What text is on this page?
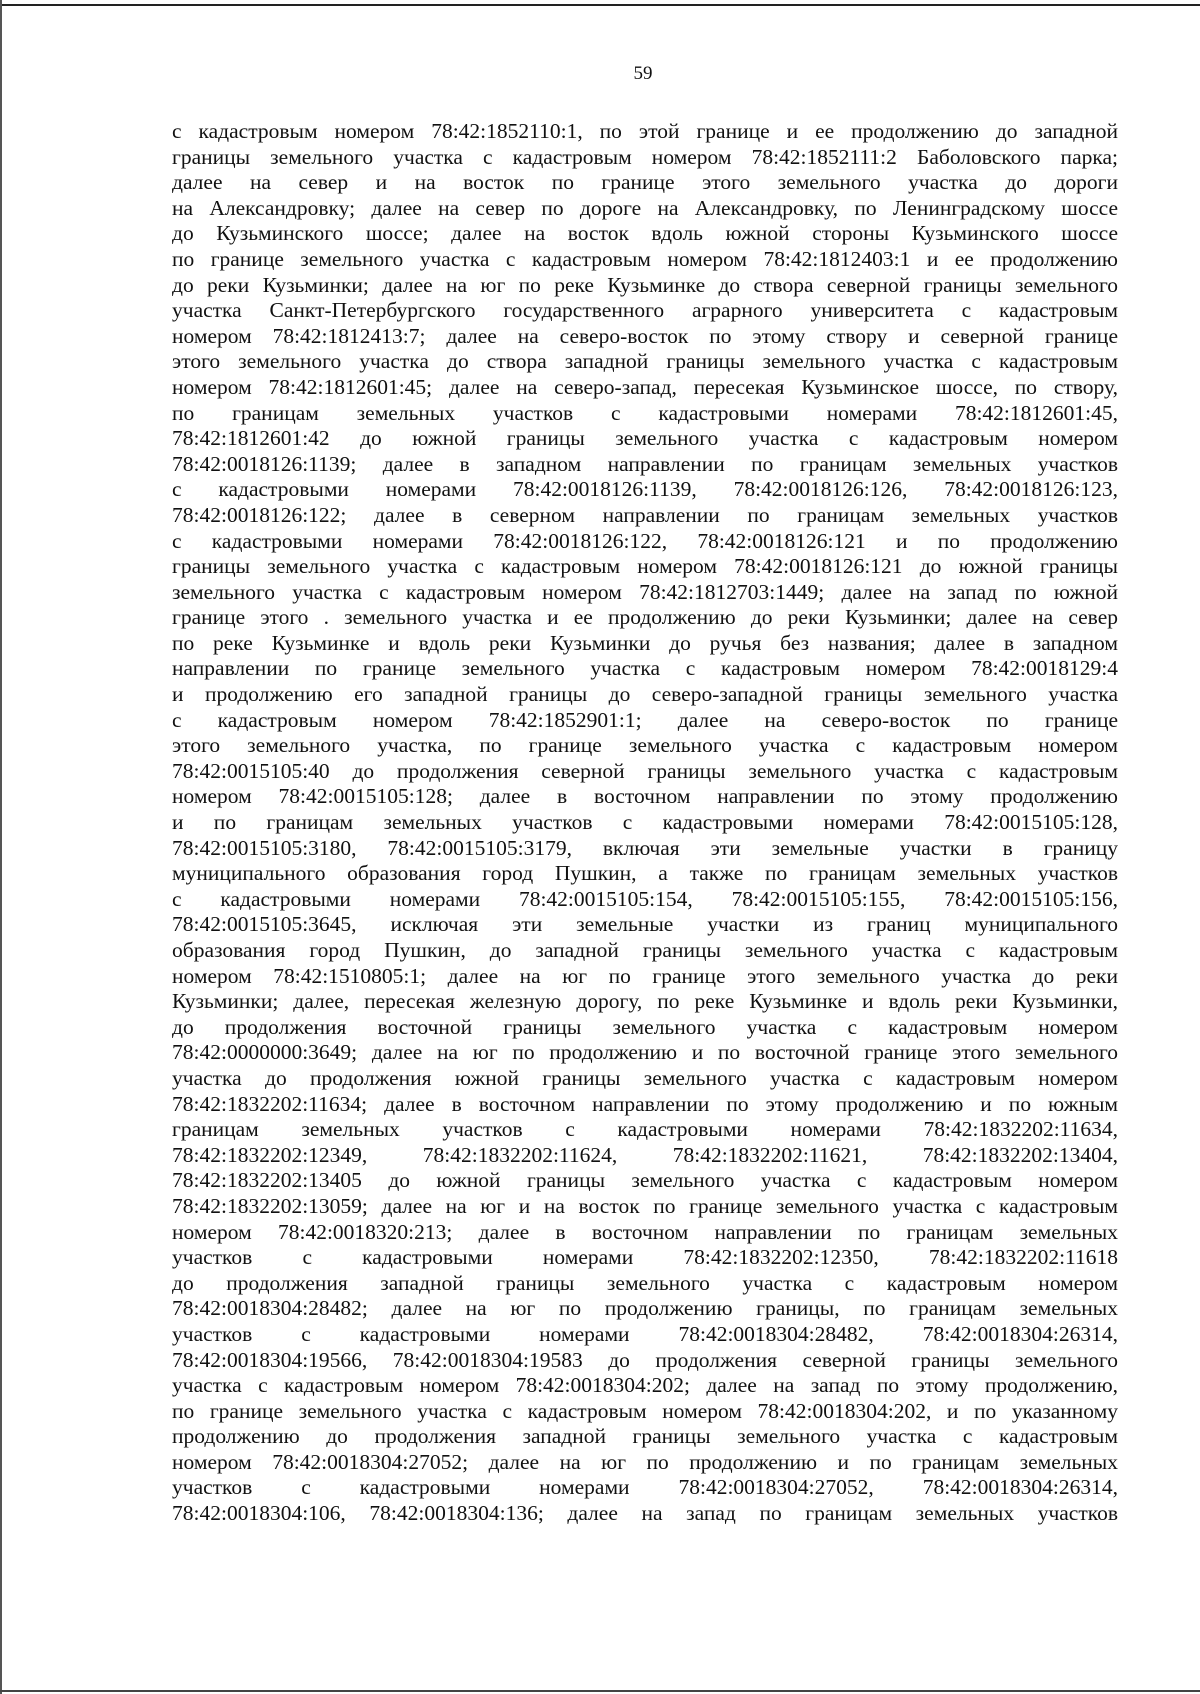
59
с кадастровым номером 78:42:1852110:1, по этой границе и ее продолжению до западной
границы земельного участка с кадастровым номером 78:42:1852111:2 Баболовского парка;
далее на север и на восток по границе этого земельного участка до дороги
на Александровку; далее на север по дороге на Александровку, по Ленинградскому шоссе
до Кузьминского шоссе; далее на восток вдоль южной стороны Кузьминского шоссе
по границе земельного участка с кадастровым номером 78:42:1812403:1 и ее продолжению
до реки Кузьминки; далее на юг по реке Кузьминке до створа северной границы земельного
участка Санкт-Петербургского государственного аграрного университета с кадастровым
номером 78:42:1812413:7; далее на северо-восток по этому створу и северной границе
этого земельного участка до створа западной границы земельного участка с кадастровым
номером 78:42:1812601:45; далее на северо-запад, пересекая Кузьминское шоссе, по створу,
по границам земельных участков с кадастровыми номерами 78:42:1812601:45,
78:42:1812601:42 до южной границы земельного участка с кадастровым номером
78:42:0018126:1139; далее в западном направлении по границам земельных участков
с кадастровыми номерами 78:42:0018126:1139, 78:42:0018126:126, 78:42:0018126:123,
78:42:0018126:122; далее в северном направлении по границам земельных участков
с кадастровыми номерами 78:42:0018126:122, 78:42:0018126:121 и по продолжению
границы земельного участка с кадастровым номером 78:42:0018126:121 до южной границы
земельного участка с кадастровым номером 78:42:1812703:1449; далее на запад по южной
границе этого . земельного участка и ее продолжению до реки Кузьминки; далее на север
по реке Кузьминке и вдоль реки Кузьминки до ручья без названия; далее в западном
направлении по границе земельного участка с кадастровым номером 78:42:0018129:4
и продолжению его западной границы до северо-западной границы земельного участка
с кадастровым номером 78:42:1852901:1; далее на северо-восток по границе
этого земельного участка, по границе земельного участка с кадастровым номером
78:42:0015105:40 до продолжения северной границы земельного участка с кадастровым
номером 78:42:0015105:128; далее в восточном направлении по этому продолжению
и по границам земельных участков с кадастровыми номерами 78:42:0015105:128,
78:42:0015105:3180, 78:42:0015105:3179, включая эти земельные участки в границу
муниципального образования город Пушкин, а также по границам земельных участков
с кадастровыми номерами 78:42:0015105:154, 78:42:0015105:155, 78:42:0015105:156,
78:42:0015105:3645, исключая эти земельные участки из границ муниципального
образования город Пушкин, до западной границы земельного участка с кадастровым
номером 78:42:1510805:1; далее на юг по границе этого земельного участка до реки
Кузьминки; далее, пересекая железную дорогу, по реке Кузьминке и вдоль реки Кузьминки,
до продолжения восточной границы земельного участка с кадастровым номером
78:42:0000000:3649; далее на юг по продолжению и по восточной границе этого земельного
участка до продолжения южной границы земельного участка с кадастровым номером
78:42:1832202:11634; далее в восточном направлении по этому продолжению и по южным
границам земельных участков с кадастровыми номерами 78:42:1832202:11634,
78:42:1832202:12349, 78:42:1832202:11624, 78:42:1832202:11621, 78:42:1832202:13404,
78:42:1832202:13405 до южной границы земельного участка с кадастровым номером
78:42:1832202:13059; далее на юг и на восток по границе земельного участка с кадастровым
номером 78:42:0018320:213; далее в восточном направлении по границам земельных
участков с кадастровыми номерами 78:42:1832202:12350, 78:42:1832202:11618
до продолжения западной границы земельного участка с кадастровым номером
78:42:0018304:28482; далее на юг по продолжению границы, по границам земельных
участков с кадастровыми номерами 78:42:0018304:28482, 78:42:0018304:26314,
78:42:0018304:19566, 78:42:0018304:19583 до продолжения северной границы земельного
участка с кадастровым номером 78:42:0018304:202; далее на запад по этому продолжению,
по границе земельного участка с кадастровым номером 78:42:0018304:202, и по указанному
продолжению до продолжения западной границы земельного участка с кадастровым
номером 78:42:0018304:27052; далее на юг по продолжению и по границам земельных
участков с кадастровыми номерами 78:42:0018304:27052, 78:42:0018304:26314,
78:42:0018304:106, 78:42:0018304:136; далее на запад по границам земельных участков
